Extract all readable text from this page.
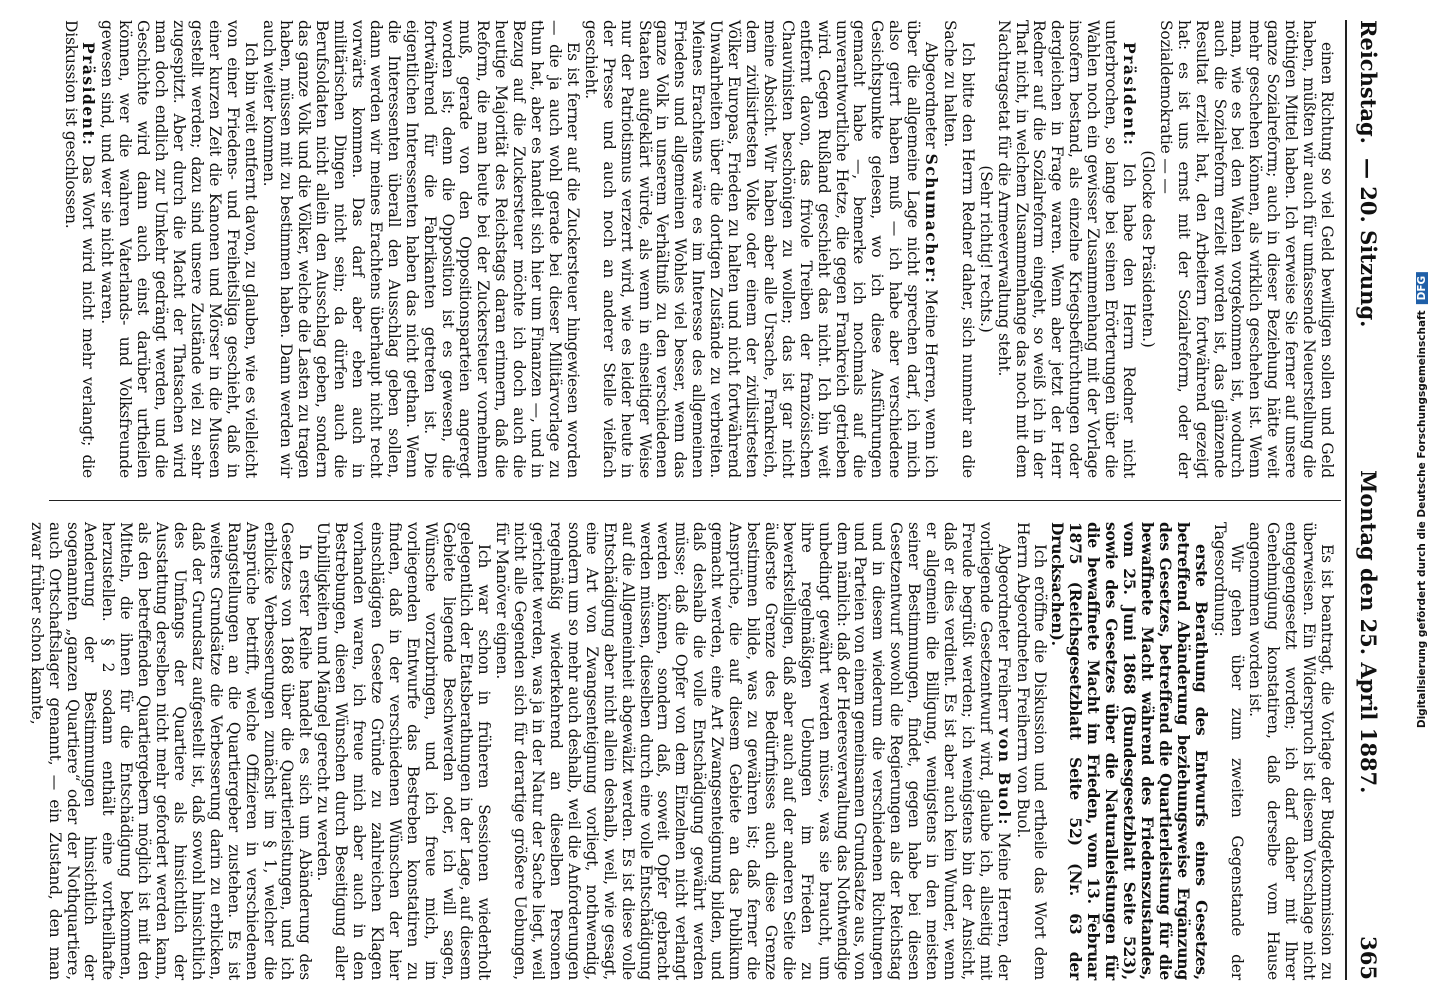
Reichstag.
— 20. Sitzung.
Montag den 25. April 1887.
365

einen Richtung so viel Geld bewilligen sollen und Geld haben, müßten wir auch für umfassende Neuerstellung die nöthigen Mittel haben. Ich verweise Sie ferner auf unsere ganze Sozialreform; auch in dieser Beziehung hätte weit mehr geschehen können, als wirklich geschehen ist. Wenn man, wie es bei den Wahlen vorgekommen ist, wodurch auch die Sozialreform erzielt worden ist, das glänzende Resultat erzielt hat, den Arbeitern fortwährend gezeigt hat: es ist uns ernst mit der Sozialreform, oder der Sozialdemokratie — —

(Glocke des Präsidenten.)

Präsident: Ich habe den Herrn Redner nicht unterbrochen, so lange bei seinen Erörterungen über die Wahlen noch ein gewisser Zusammenhang mit der Vorlage insofern bestand, als einzelne Kriegsbefürchtungen oder dergleichen in Frage waren. Wenn aber jetzt der Herr Redner auf die Sozialreform eingeht, so weiß ich in der That nicht, in welchem Zusammenhange das noch mit dem Nachtragsetat für die Armeeverwaltung steht.

(Sehr richtig! rechts.)

Ich bitte den Herrn Redner daher, sich nunmehr an die Sache zu halten.

Abgeordneter Schumacher: Meine Herren, wenn ich über die allgemeine Lage nicht sprechen darf, ich mich also geirrt haben muß — ich habe aber verschiedene Gesichtspunkte gelesen, wo ich diese Ausführungen gemacht habe —, bemerke ich nochmals auf die unverantwortliche Hetze, die gegen Frankreich getrieben wird. Gegen Rußland geschieht das nicht. Ich bin weit entfernt davon, das frivole Treiben der französischen Chauvinisten beschönigen zu wollen; das ist gar nicht meine Absicht. Wir haben aber alle Ursache, Frankreich, dem zivilisirtesten Volke oder einem der zivilisirtesten Völker Europas, Frieden zu halten und nicht fortwährend Unwahrheiten über die dortigen Zustände zu verbreiten. Meines Erachtens wäre es im Interesse des allgemeinen Friedens und allgemeinen Wohles viel besser, wenn das ganze Volk in unserem Verhältniß zu den verschiedenen Staaten aufgeklärt würde, als wenn in einseitiger Weise nur der Patriotismus verzerrt wird, wie es leider heute in der Presse und auch noch an anderer Stelle vielfach geschieht.

Es ist ferner auf die Zuckersteuer hingewiesen worden — die ja auch wohl gerade bei dieser Militärvorlage zu thun hat, aber es handelt sich hier um Finanzen —, und in Bezug auf die Zuckersteuer möchte ich doch auch die heutige Majorität des Reichstags daran erinnern, daß die Reform, die man heute bei der Zuckersteuer vornehmen muß, gerade von den Oppositionsparteien angeregt worden ist; denn die Opposition ist es gewesen, die fortwährend für die Fabrikanten getreten ist. Die eigentlichen Interessenten haben das nicht gethan. Wenn die Interessenten überall den Ausschlag geben sollen, dann werden wir meines Erachtens überhaupt nicht recht vorwärts kommen. Das darf aber eben auch in militärischen Dingen nicht sein; da dürfen auch die Berufsoldaten nicht allein den Ausschlag geben, sondern das ganze Volk und die Völker, welche die Lasten zu tragen haben, müssen mit zu bestimmen haben. Dann werden wir auch weiter kommen.

Ich bin weit entfernt davon, zu glauben, wie es vielleicht von einer Friedens- und Freiheitsliga geschieht, daß in einer kurzen Zeit die Kanonen und Mörser in die Museen gestellt werden; dazu sind unsere Zustände viel zu sehr zugespitzt. Aber durch die Macht der Thatsachen wird man doch endlich zur Umkehr gedrängt werden, und die Geschichte wird dann auch einst darüber urtheilen können, wer die wahren Vaterlands- und Volksfreunde gewesen sind, und wer sie nicht waren.

Präsident: Das Wort wird nicht mehr verlangt; die Diskussion ist geschlossen.

Es ist beantragt, die Vorlage der Budgetkommission zu überweisen. Ein Widerspruch ist diesem Vorschlage nicht entgegengesetzt worden; ich darf daher mit Ihrer Genehmigung konstatiren, daß derselbe vom Hause angenommen worden ist.

Wir gehen über zum zweiten Gegenstande der Tagesordnung:

erste Berathung des Entwurfs eines Gesetzes, betreffend Abänderung beziehungsweise Ergänzung des Gesetzes, betreffend die Quartierleistung für die bewaffnete Macht während des Friedenszustandes, vom 25. Juni 1868 (Bundesgesetzblatt Seite 523), sowie des Gesetzes über die Naturalleistungen für die bewaffnete Macht im Frieden, vom 13. Februar 1875 (Reichsgesetzblatt Seite 52) (Nr. 63 der Drucksachen).

Ich eröffne die Diskussion und ertheile das Wort dem Herrn Abgeordneten Freiherrn von Buol.

Abgeordneter Freiherr von Buol: Meine Herren, der vorliegende Gesetzentwurf wird, glaube ich, allseitig mit Freude begrüßt werden; ich wenigstens bin der Ansicht, daß er dies verdient. Es ist aber auch kein Wunder, wenn er allgemein die Billigung, wenigstens in den meisten seiner Bestimmungen, findet, gegen habe bei diesen Gesetzentwurf sowohl die Regierungen als der Reichstag und in diesem wiederum die verschiedenen Richtungen und Parteien von einem gemeinsamen Grundsatze aus, von dem nämlich: daß der Heeresverwaltung das Nothwendige unbedingt gewährt werden müsse, was sie braucht, um ihre regelmäßigen Uebungen im Frieden zu bewerkstelligen, daß aber auch auf der anderen Seite die äußerste Grenze des Bedürfnisses auch diese Grenze bestimmen bilde, was zu gewähren ist; daß ferner die Ansprüche, die auf diesem Gebiete an das Publikum gemacht werden, eine Art Zwangsenteignung bilden, und daß deshalb die volle Entschädigung gewährt werden müsse; daß die Opfer von dem Einzelnen nicht verlangt werden können, sondern daß, soweit Opfer gebracht werden müssen, dieselben durch eine volle Entschädigung auf die Allgemeinheit abgewälzt werden. Es ist diese volle Entschädigung aber nicht allein deshalb, weil, wie gesagt, eine Art von Zwangsenteignung vorliegt, nothwendig, sondern um so mehr auch deshalb, weil die Anforderungen regelmäßig wiederkehrend an dieselben Personen gerichtet werden, was ja in der Natur der Sache liegt, weil nicht alle Gegenden sich für derartige größere Uebungen, für Manöver eignen.

Ich war schon in früheren Sessionen wiederholt gelegentlich der Etatsberathungen in der Lage, auf diesem Gebiete liegende Beschwerden oder, ich will sagen, Wünsche vorzubringen, und ich freue mich, im vorliegenden Entwurfe das Bestreben konstatiren zu finden, daß in der verschiedenen Wünschen der hier einschlägigen Gesetze Gründe zu zahlreichen Klagen vorhanden waren, ich freue mich aber auch in den Bestrebungen, diesen Wünschen durch Beseitigung aller Unbilligkeiten und Mängel gerecht zu werden.

In erster Reihe handelt es sich um Abänderung des Gesetzes von 1868 über die Quartierleistungen, und ich erblicke Verbesserungen zunächst im § 1, welcher die Ansprüche betrifft, welche Offizieren in verschiedenen Rangstellungen an die Quartiergeber zustehen. Es ist weiters Grundsätze die Verbesserung darin zu erblicken, daß der Grundsatz aufgestellt ist, daß sowohl hinsichtlich des Umfangs der Quartiere als hinsichtlich der Ausstattung derselben nicht mehr gefordert werden kann, als den betreffenden Quartiergebern möglich ist mit den Mitteln, die ihnen für die Entschädigung bekommen, herzustellen. § 2 sodann enthält eine vortheilhafte Aenderung der Bestimmungen hinsichtlich der sogenannten „ganzen Quartiere“ oder der Nothquartiere, auch Ortschaftslager genannt, — ein Zustand, den man zwar früher schon kannte,	Digitalisierung gefördert durch die Deutsche ForschungsgemeinschaftDFG
